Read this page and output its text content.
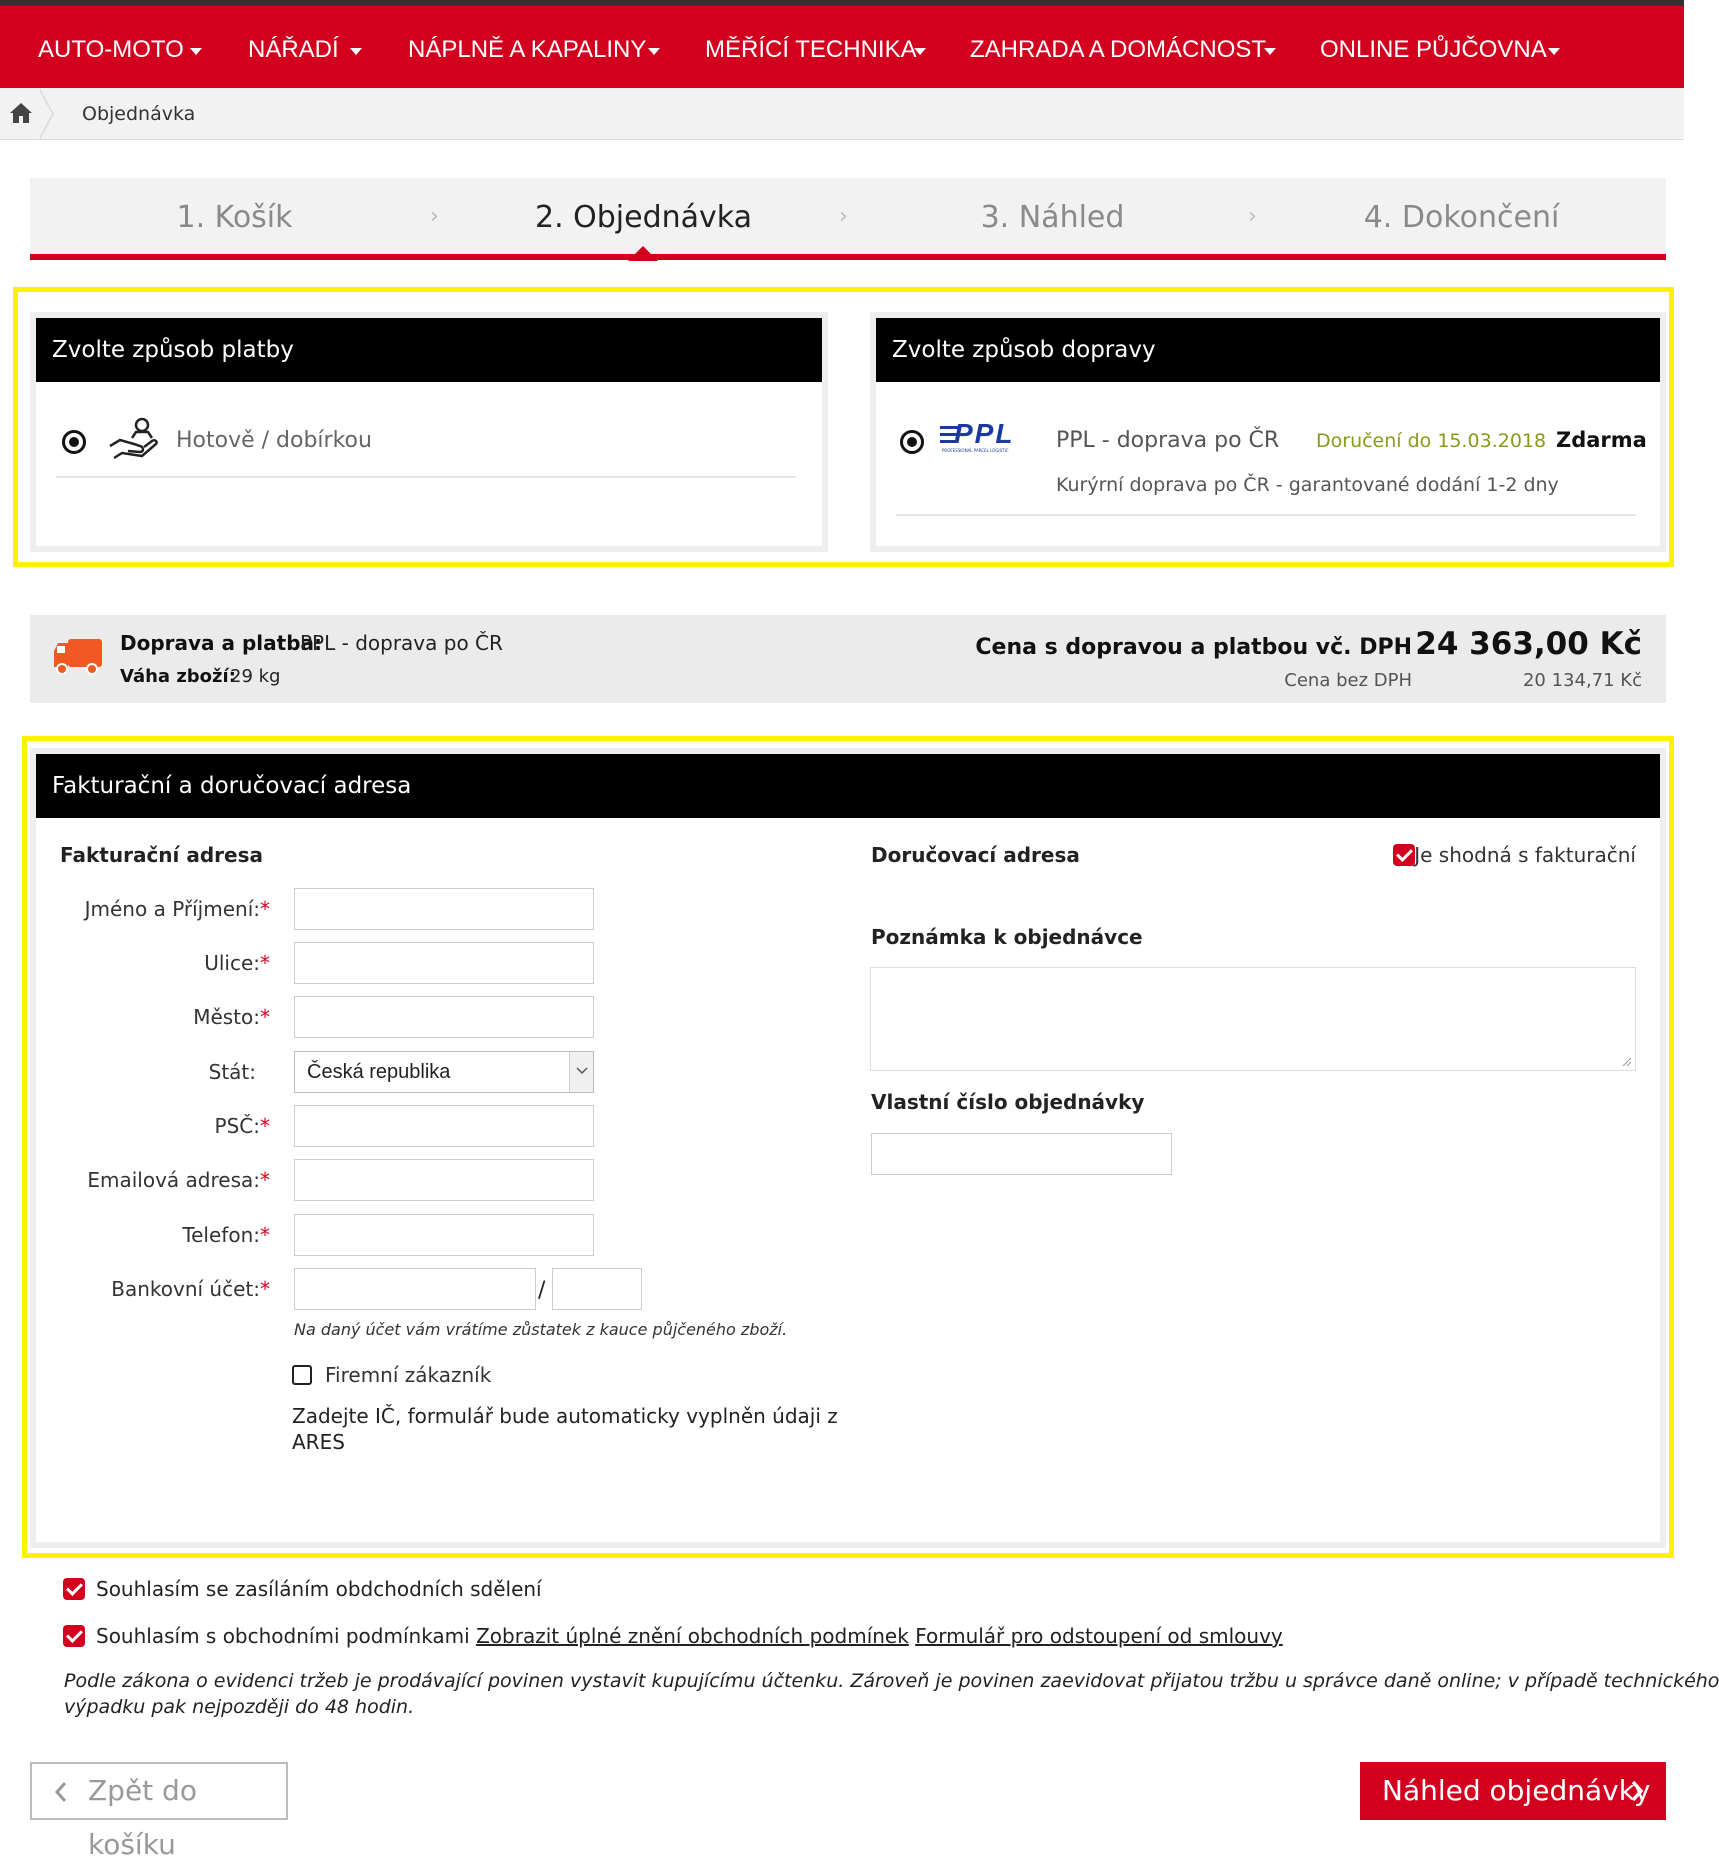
AUTO-MOTO	NÁŘADÍ	NÁPLNĚ A KAPALINY MĚŘÍCÍ TECHNIKA ZAHRADA A DOMÁCNOST ONLINE PŮJČOVNA
Objednávka
1. Košík	›	2. Objednávka	›	3. Náhled	›	4. Dokončení
Zvolte způsob platby
Hotově / dobírkou
Zvolte způsob dopravy
PPL
PROFESSIONAL PARCEL LOGISTIC PPL - doprava po ČR Doručení do 15.03.2018 Zdarma
Kurýrní doprava po ČR - garantované dodání 1-2 dny
Doprava a platba:
PPL - doprava po ČR
Váha zboží:
29 kg
Cena s dopravou a platbou vč. DPH 24 363,00 Kč
Cena bez DPH	20 134,71 Kč
Fakturační a doručovací adresa
Fakturační adresa
Jméno a Příjmení:*
Ulice:*
Město:*
Stát:	Česká republika
PSČ:*
Emailová adresa:*
Telefon:*
Bankovní účet:*	/
Na daný účet vám vrátíme zůstatek z kauce půjčeného zboží.
Firemní zákazník
Zadejte IČ, formulář bude automaticky vyplněn údaji z
ARES
Doručovací adresa	Je shodná s fakturační
Poznámka k objednávce
Vlastní číslo objednávky
Souhlasím se zasíláním obdchodních sdělení
Souhlasím s obchodními podmínkami Zobrazit úplné znění obchodních podmínek Formulář pro odstoupení od smlouvy
Podle zákona o evidenci tržeb je prodávající povinen vystavit kupujícímu účtenku. Zároveň je povinen zaevidovat přijatou tržbu u správce daně online; v případě technického
výpadku pak nejpozději do 48 hodin.
Zpět do košíku
Náhled objednávky
